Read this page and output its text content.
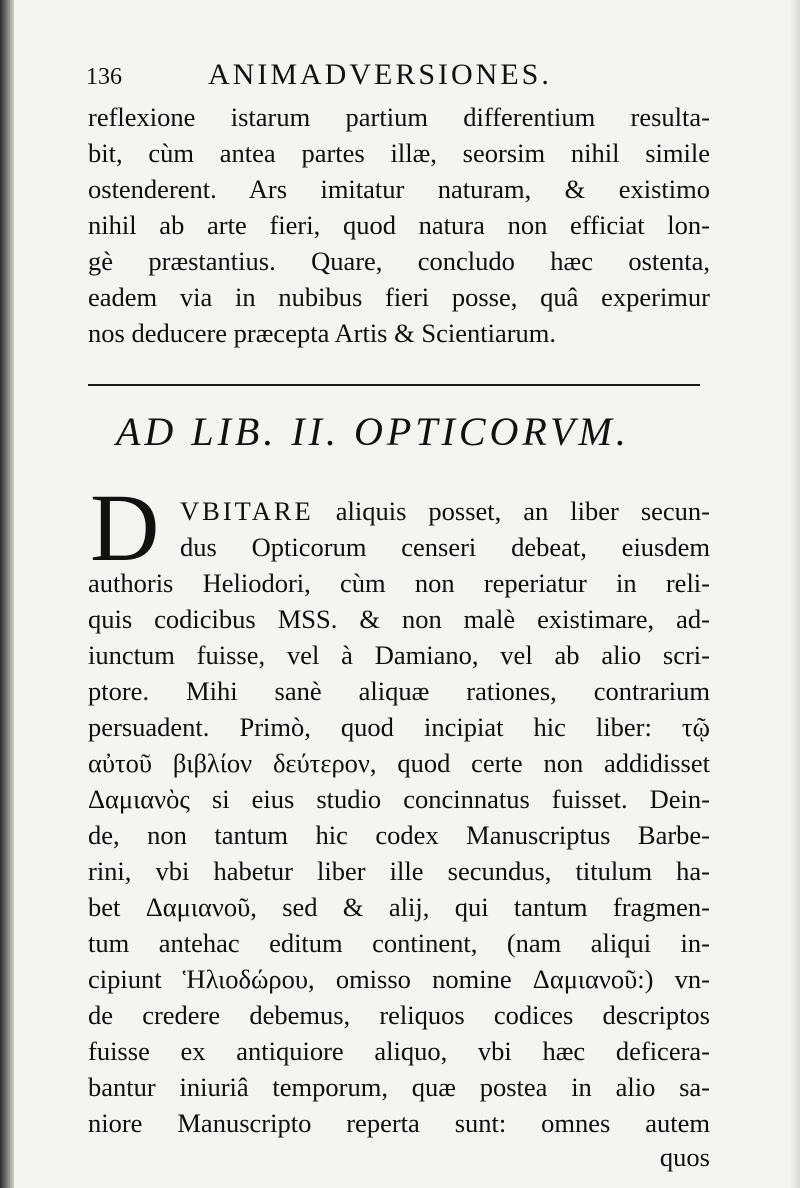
136	ANIMADVERSIONES.
reflexione istarum partium differentium resulta-
bit, cùm antea partes illæ, seorsim nihil simile
ostenderent. Ars imitatur naturam, & existimo
nihil ab arte fieri, quod natura non efficiat lon-
gè præstantius. Quare, concludo hæc ostenta,
eadem via in nubibus fieri posse, quâ experimur
nos deducere præcepta Artis & Scientiarum.
AD LIB. II. OPTICORVM.
D VBITARE aliquis posset, an liber secun-
dus Opticorum censeri debeat, eiusdem
authoris Heliodori, cùm non reperiatur in reli-
quis codicibus MSS. & non malè existimare, ad-
iunctum fuisse, vel à Damiano, vel ab alio scri-
ptore. Mihi sanè aliquæ rationes, contrarium
persuadent. Primò, quod incipiat hic liber: τῷ
αὐτοῦ βιβλίον δεύτερον, quod certe non addidisset
Δαμιανὸς si eius studio concinnatus fuisset. Dein-
de, non tantum hic codex Manuscriptus Barbe-
rini, vbi habetur liber ille secundus, titulum ha-
bet Δαμιανοῦ, sed & alij, qui tantum fragmen-
tum antehac editum continent, (nam aliqui in-
cipiunt Ἡλιοδώρου, omisso nomine Δαμιανοῦ:) vn-
de credere debemus, reliquos codices descriptos
fuisse ex antiquiore aliquo, vbi hæc deficera-
bantur iniuriâ temporum, quæ postea in alio sa-
niore Manuscripto reperta sunt: omnes autem
quos
